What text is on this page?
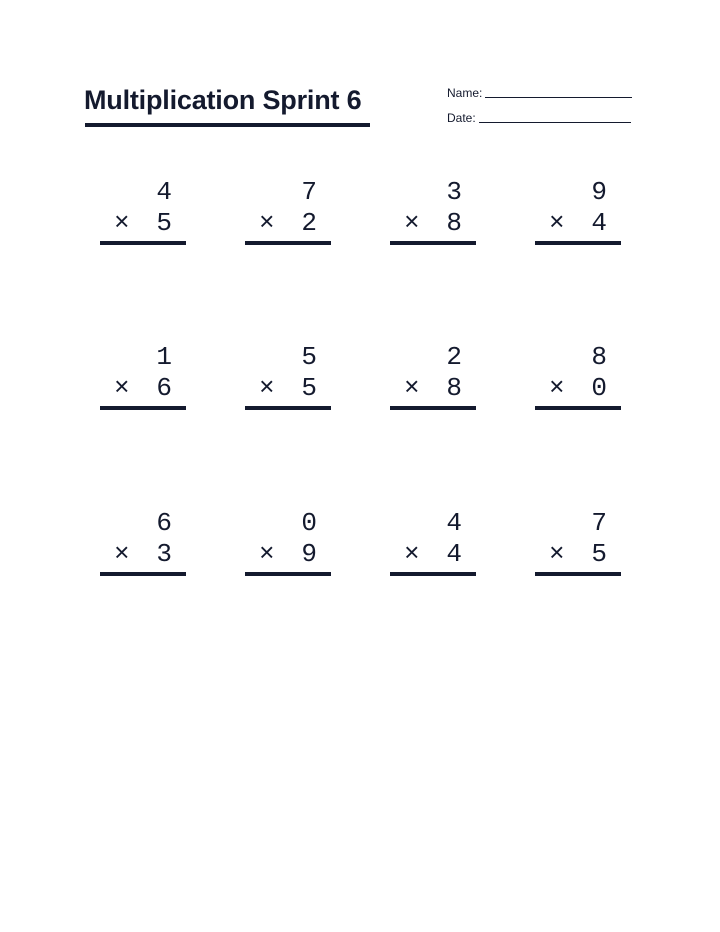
Multiplication Sprint 6	Name:
Date:
4
× 5
7
× 2
3
× 8
9
× 4
1
× 6
5
× 5
2
× 8
8
× 0
6
× 3
0
× 9
4
× 4
7
× 5
